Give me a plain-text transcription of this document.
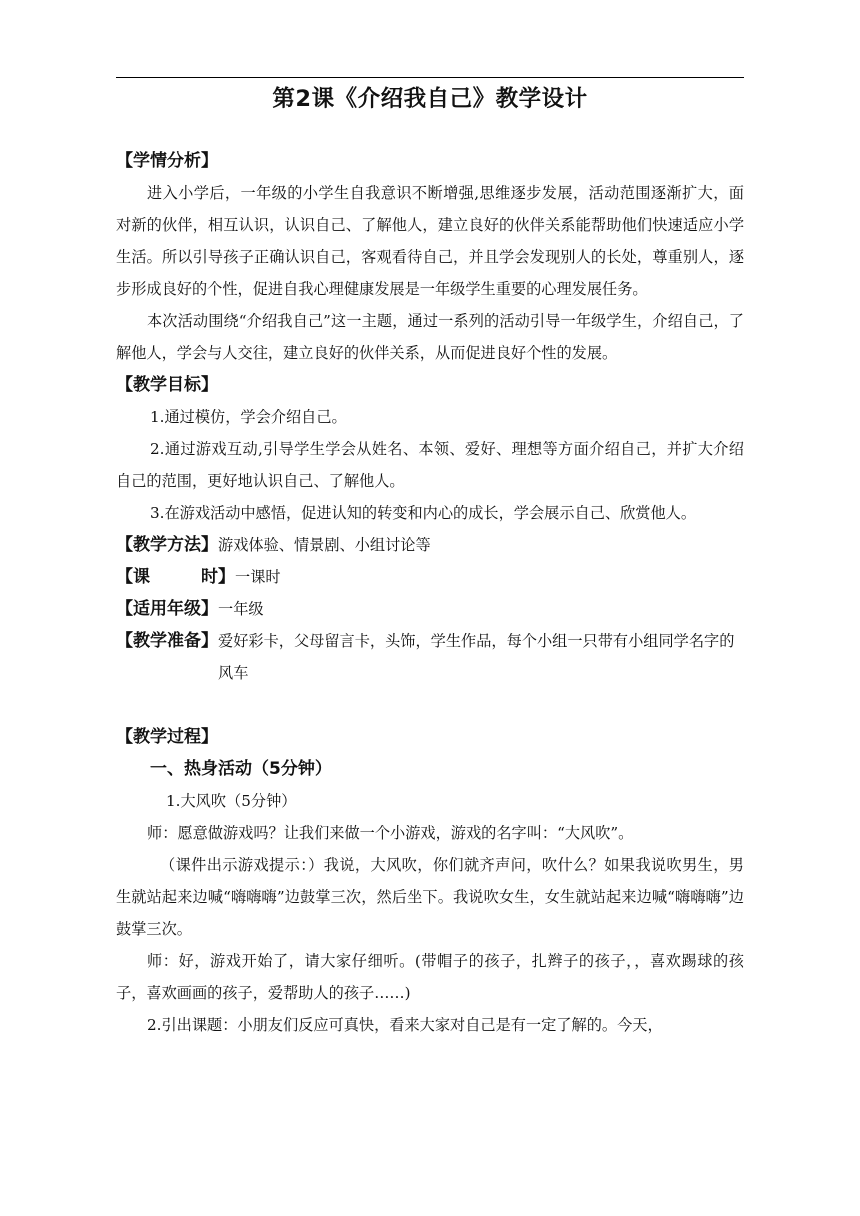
第2课《介绍我自己》教学设计
【学情分析】
进入小学后，一年级的小学生自我意识不断增强,思维逐步发展，活动范围逐渐扩大，面对新的伙伴，相互认识，认识自己、了解他人，建立良好的伙伴关系能帮助他们快速适应小学生活。所以引导孩子正确认识自己，客观看待自己，并且学会发现别人的长处，尊重别人，逐步形成良好的个性，促进自我心理健康发展是一年级学生重要的心理发展任务。
本次活动围绕“介绍我自己”这一主题，通过一系列的活动引导一年级学生，介绍自己，了解他人，学会与人交往，建立良好的伙伴关系，从而促进良好个性的发展。
【教学目标】
1.通过模仿，学会介绍自己。
2.通过游戏互动,引导学生学会从姓名、本领、爱好、理想等方面介绍自己，并扩大介绍自己的范围，更好地认识自己、了解他人。
3.在游戏活动中感悟，促进认知的转变和内心的成长，学会展示自己、欣赏他人。
【教学方法】 游戏体验、情景剧、小组讨论等
【课　时】 一课时
【适用年级】 一年级
【教学准备】 爱好彩卡，父母留言卡，头饰，学生作品，每个小组一只带有小组同学名字的风车
【教学过程】
一、热身活动（5分钟）
1.大风吹（5分钟）
师：愿意做游戏吗？让我们来做一个小游戏，游戏的名字叫：“大风吹”。
（课件出示游戏提示：）我说，大风吹，你们就齐声问，吹什么？如果我说吹男生，男生就站起来边喊“嗨嗨嗨”边鼓掌三次，然后坐下。我说吹女生，女生就站起来边喊“嗨嗨嗨”边鼓掌三次。
师：好，游戏开始了，请大家仔细听。(带帽子的孩子，扎辫子的孩子，，喜欢踢球的孩子，喜欢画画的孩子，爱帮助人的孩子……)
2.引出课题：小朋友们反应可真快，看来大家对自己是有一定了解的。今天，
